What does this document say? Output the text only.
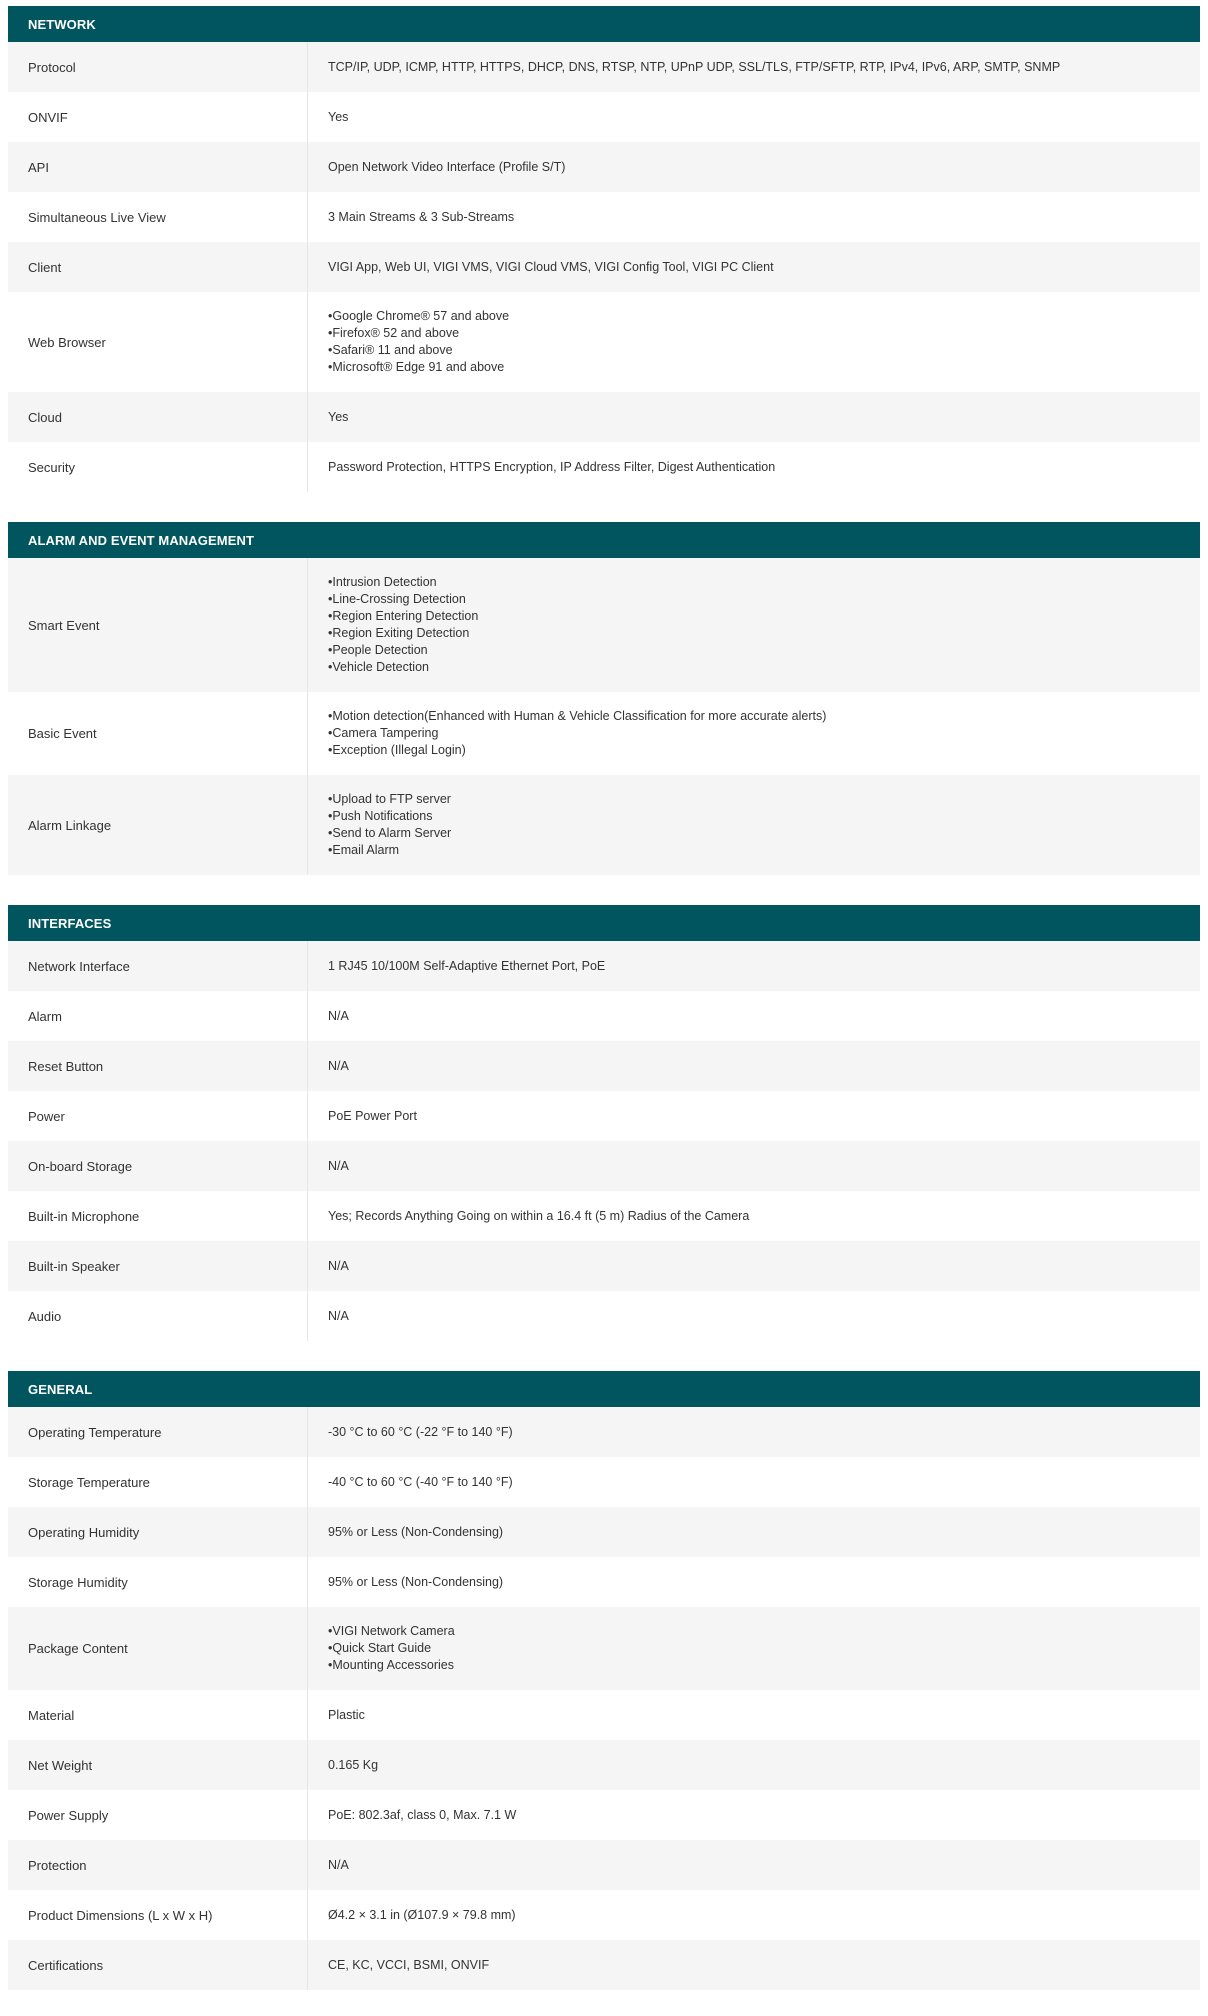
NETWORK
Protocol	TCP/IP, UDP, ICMP, HTTP, HTTPS, DHCP, DNS, RTSP, NTP, UPnP UDP, SSL/TLS, FTP/SFTP, RTP, IPv4, IPv6, ARP, SMTP, SNMP
ONVIF	Yes
API	Open Network Video Interface (Profile S/T)
Simultaneous Live View	3 Main Streams & 3 Sub-Streams
Client	VIGI App, Web UI, VIGI VMS, VIGI Cloud VMS, VIGI Config Tool, VIGI PC Client
Web Browser
• Google Chrome® 57 and above
• Firefox® 52 and above
• Safari® 11 and above
• Microsoft® Edge 91 and above
Cloud	Yes
Security	Password Protection, HTTPS Encryption, IP Address Filter, Digest Authentication
ALARM AND EVENT MANAGEMENT
Smart Event
• Intrusion Detection
• Line-Crossing Detection
• Region Entering Detection
• Region Exiting Detection
• People Detection
• Vehicle Detection
Basic Event
• Motion detection(Enhanced with Human & Vehicle Classification for more accurate alerts)
• Camera Tampering
• Exception (Illegal Login)
Alarm Linkage
• Upload to FTP server
• Push Notifications
• Send to Alarm Server
• Email Alarm
INTERFACES
Network Interface	1 RJ45 10/100M Self-Adaptive Ethernet Port, PoE
Alarm	N/A
Reset Button	N/A
Power	PoE Power Port
On-board Storage	N/A
Built-in Microphone	Yes; Records Anything Going on within a 16.4 ft (5 m) Radius of the Camera
Built-in Speaker	N/A
Audio	N/A
GENERAL
Operating Temperature	-30 °C to 60 °C (-22 °F to 140 °F)
Storage Temperature	-40 °C to 60 °C (-40 °F to 140 °F)
Operating Humidity	95% or Less (Non-Condensing)
Storage Humidity	95% or Less (Non-Condensing)
Package Content
• VIGI Network Camera
• Quick Start Guide
• Mounting Accessories
Material	Plastic
Net Weight	0.165 Kg
Power Supply	PoE: 802.3af, class 0, Max. 7.1 W
Protection	N/A
Product Dimensions (L x W x H)	Ø4.2 × 3.1 in (Ø107.9 × 79.8 mm)
Certifications	CE, KC, VCCI, BSMI, ONVIF
